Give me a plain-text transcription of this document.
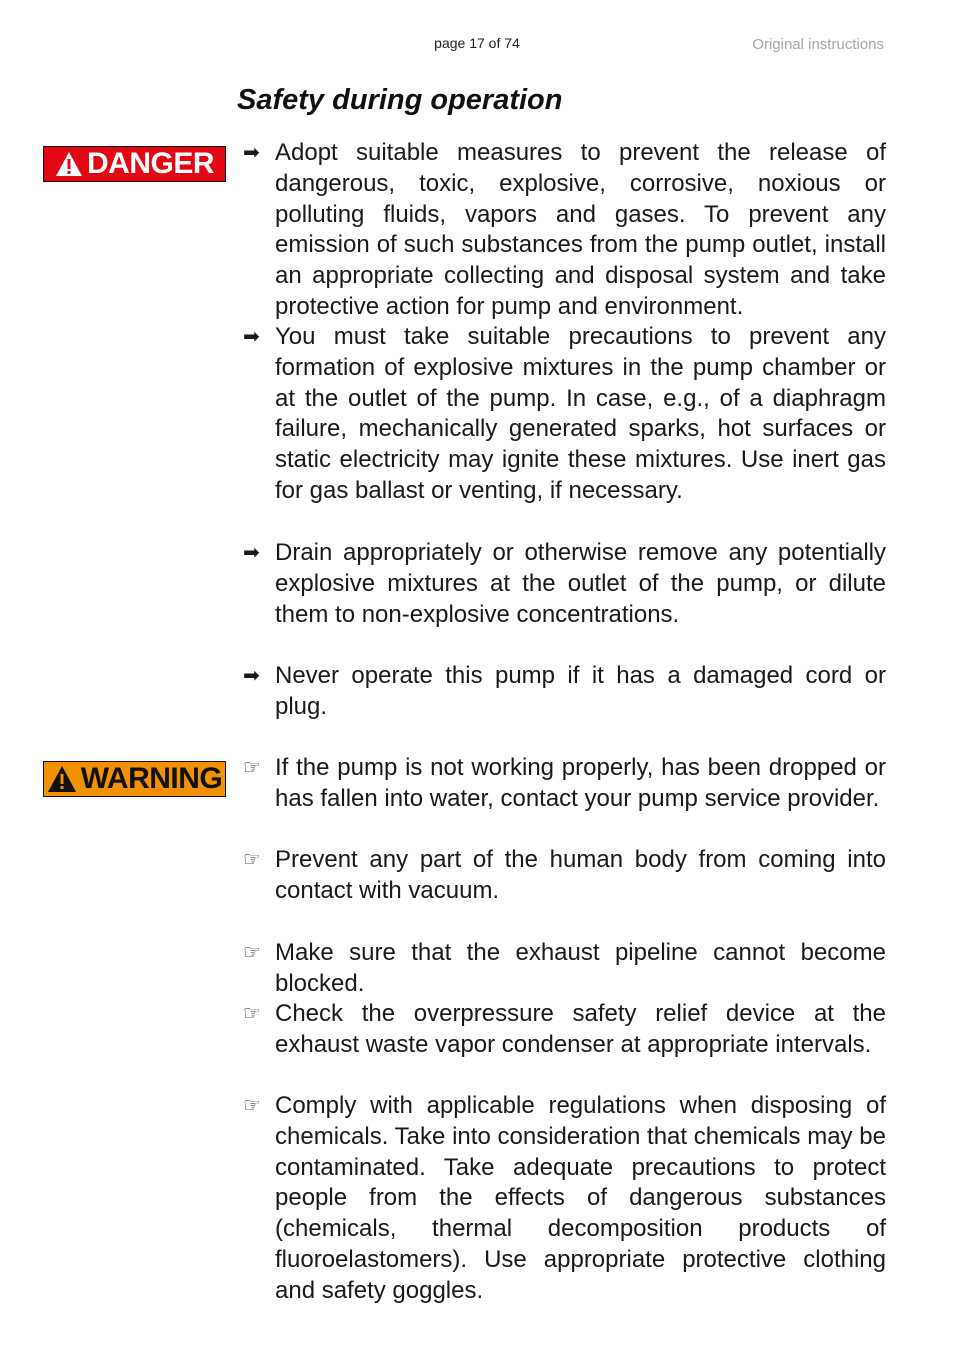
page 17 of 74	Original instructions
Safety during operation
DANGER
WARNING
➡ Adopt suitable measures to prevent the release of dangerous, toxic, explosive, corrosive, noxious or polluting fluids, vapors and gases. To prevent any emission of such substances from the pump outlet, install an appropriate collecting and disposal system and take protective action for pump and environment.
➡ You must take suitable precautions to prevent any formation of explosive mixtures in the pump chamber or at the outlet of the pump. In case, e.g., of a diaphragm failure, mechanically generated sparks, hot surfaces or static electricity may ignite these mixtures. Use inert gas for gas ballast or venting, if necessary.
➡ Drain appropriately or otherwise remove any potentially explosive mixtures at the outlet of the pump, or dilute them to non-explosive concentrations.
➡ Never operate this pump if it has a damaged cord or plug.
☞ If the pump is not working properly, has been dropped or has fallen into water, contact your pump service provider.
☞ Prevent any part of the human body from coming into contact with vacuum.
☞ Make sure that the exhaust pipeline cannot become blocked.
☞ Check the overpressure safety relief device at the exhaust waste vapor condenser at appropriate intervals.
☞ Comply with applicable regulations when disposing of chemicals. Take into consideration that chemicals may be contaminated. Take adequate precautions to protect people from the effects of dangerous substances (chemicals, thermal decomposition products of fluoroelastomers). Use appropriate protective clothing and safety goggles.
